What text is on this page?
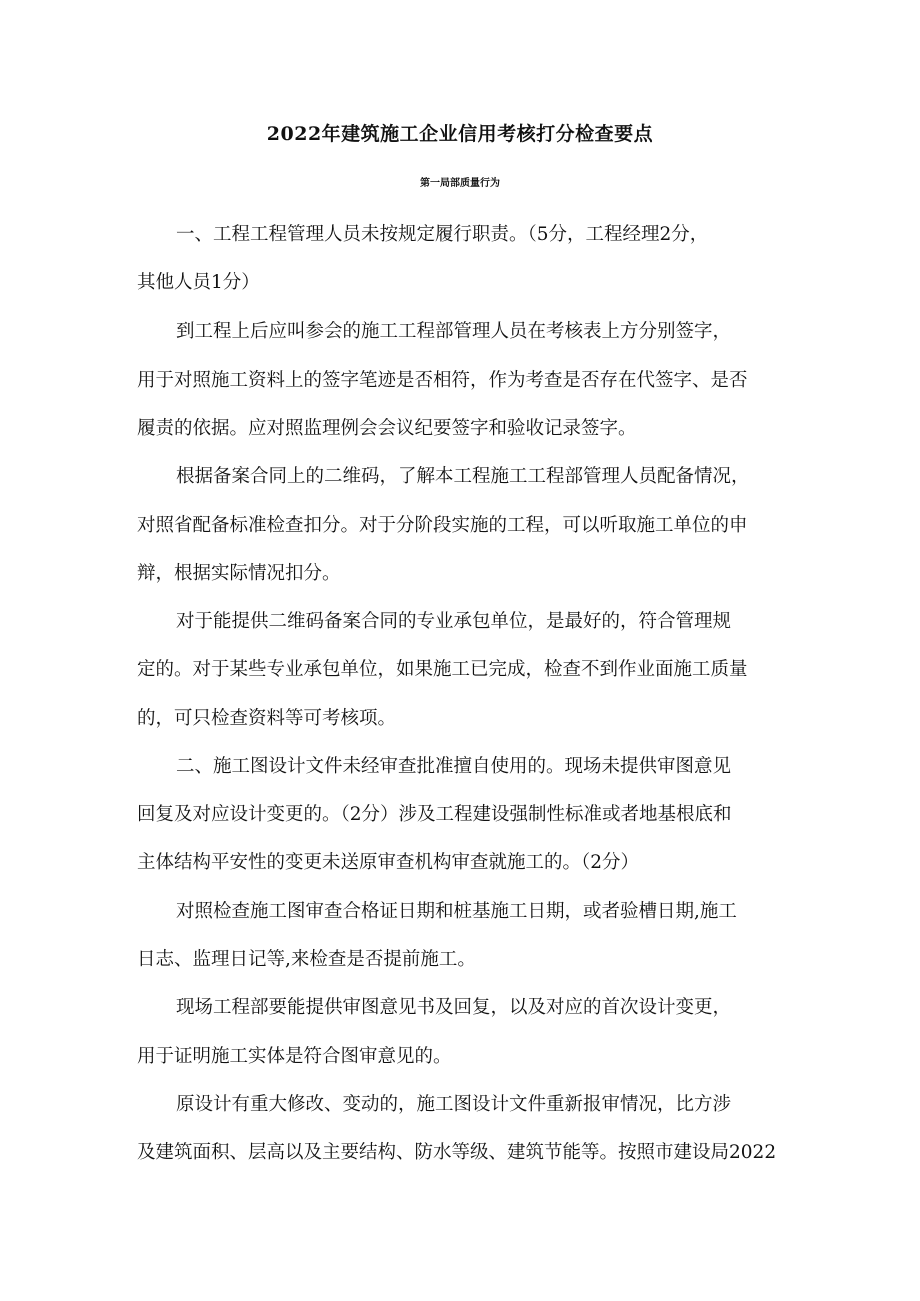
2022年建筑施工企业信用考核打分检查要点
第一局部质量行为
一、工程工程管理人员未按规定履行职责。（5分，工程经理2分，
其他人员1分）
到工程上后应叫参会的施工工程部管理人员在考核表上方分别签字，
用于对照施工资料上的签字笔迹是否相符，作为考查是否存在代签字、是否
履责的依据。应对照监理例会会议纪要签字和验收记录签字。
根据备案合同上的二维码，了解本工程施工工程部管理人员配备情况，
对照省配备标准检查扣分。对于分阶段实施的工程，可以听取施工单位的申
辩，根据实际情况扣分。
对于能提供二维码备案合同的专业承包单位，是最好的，符合管理规
定的。对于某些专业承包单位，如果施工已完成，检查不到作业面施工质量
的，可只检查资料等可考核项。
二、施工图设计文件未经审查批准擅自使用的。现场未提供审图意见
回复及对应设计变更的。（2分）涉及工程建设强制性标准或者地基根底和
主体结构平安性的变更未送原审查机构审查就施工的。（2分）
对照检查施工图审查合格证日期和桩基施工日期，或者验槽日期,施工
日志、监理日记等,来检查是否提前施工。
现场工程部要能提供审图意见书及回复，以及对应的首次设计变更，
用于证明施工实体是符合图审意见的。
原设计有重大修改、变动的，施工图设计文件重新报审情况，比方涉
及建筑面积、层高以及主要结构、防水等级、建筑节能等。按照市建设局2022
